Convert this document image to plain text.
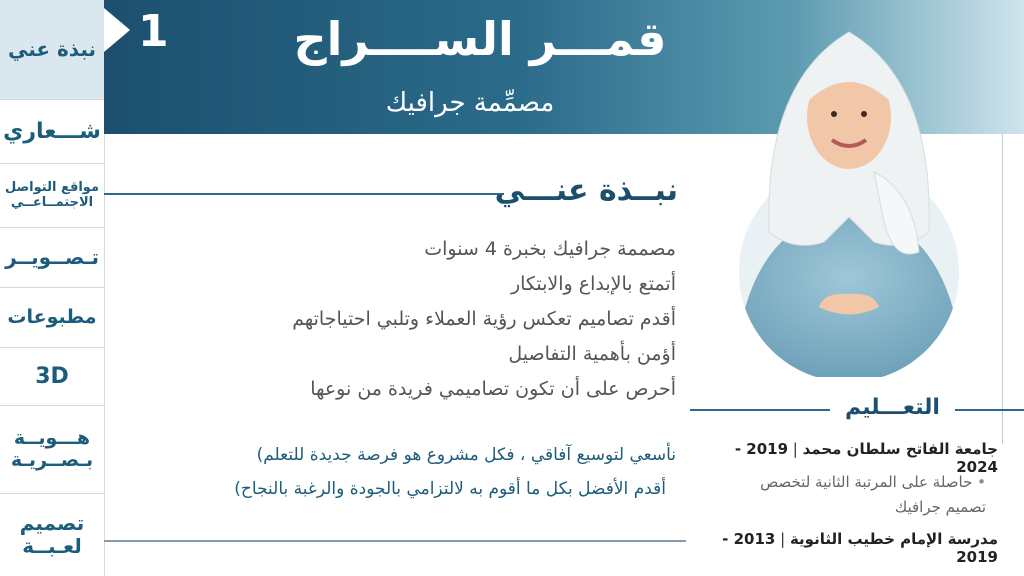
نبذة عني
شـــعاري
مواقع التواصل الاجتمــاعــي
تـصــويــر
مطبوعات
3D
هـــويــة بـصــريـة
تصميم لعـبــة
1	قمـــر الســــراج
مصمِّمة جرافيك
نبــذة عنـــي
مصممة جرافيك بخبرة 4 سنوات
أتمتع بالإبداع والابتكار
أقدم تصاميم تعكس رؤية العملاء وتلبي احتياجاتهم
أؤمن بأهمية التفاصيل
أحرص على أن تكون تصاميمي فريدة من نوعها
نأسعي لتوسيع آفاقي ، فكل مشروع هو فرصة جديدة للتعلم)
أقدم الأفضل بكل ما أقوم به لالتزامي بالجودة والرغبة بالنجاح)
التعـــليم
جامعة الفاتح سلطان محمد | 2019 - 2024
• حاصلة على المرتبة الثانية لتخصص تصميم جرافيك
مدرسة الإمام خطيب الثانوية | 2013 - 2019
